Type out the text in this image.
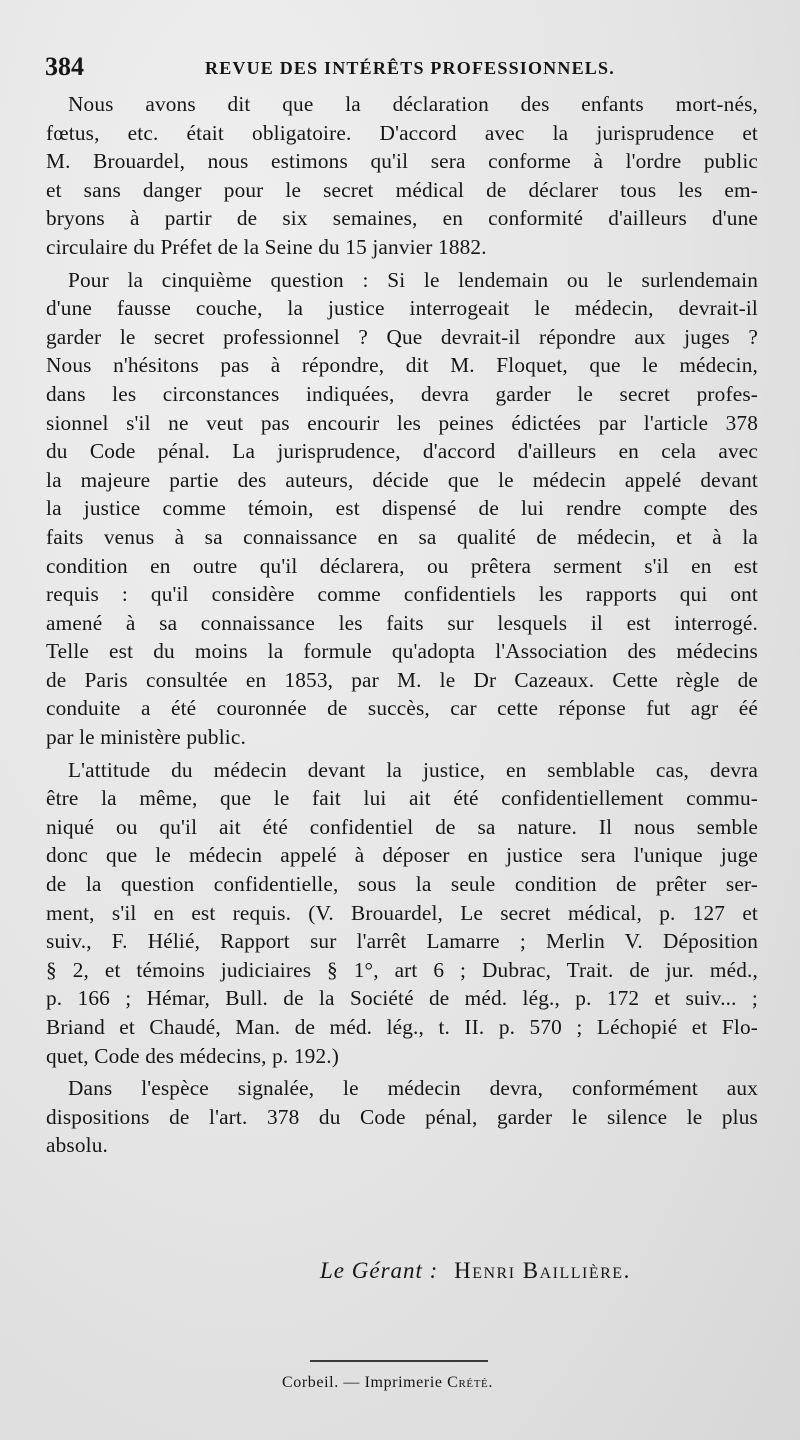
384	REVUE DES INTÉRÊTS PROFESSIONNELS.
Nous avons dit que la déclaration des enfants mort-nés,
fœtus, etc. était obligatoire. D'accord avec la jurisprudence et
M. Brouardel, nous estimons qu'il sera conforme à l'ordre public
et sans danger pour le secret médical de déclarer tous les em-
bryons à partir de six semaines, en conformité d'ailleurs d'une
circulaire du Préfet de la Seine du 15 janvier 1882.
Pour la cinquième question : Si le lendemain ou le surlendemain
d'une fausse couche, la justice interrogeait le médecin, devrait-il
garder le secret professionnel ? Que devrait-il répondre aux juges ?
Nous n'hésitons pas à répondre, dit M. Floquet, que le médecin,
dans les circonstances indiquées, devra garder le secret profes-
sionnel s'il ne veut pas encourir les peines édictées par l'article 378
du Code pénal. La jurisprudence, d'accord d'ailleurs en cela avec
la majeure partie des auteurs, décide que le médecin appelé devant
la justice comme témoin, est dispensé de lui rendre compte des
faits venus à sa connaissance en sa qualité de médecin, et à la
condition en outre qu'il déclarera, ou prêtera serment s'il en est
requis : qu'il considère comme confidentiels les rapports qui ont
amené à sa connaissance les faits sur lesquels il est interrogé.
Telle est du moins la formule qu'adopta l'Association des médecins
de Paris consultée en 1853, par M. le Dr Cazeaux. Cette règle de
conduite a été couronnée de succès, car cette réponse fut agr éé
par le ministère public.
L'attitude du médecin devant la justice, en semblable cas, devra
être la même, que le fait lui ait été confidentiellement commu-
niqué ou qu'il ait été confidentiel de sa nature. Il nous semble
donc que le médecin appelé à déposer en justice sera l'unique juge
de la question confidentielle, sous la seule condition de prêter ser-
ment, s'il en est requis. (V. Brouardel, Le secret médical, p. 127 et
suiv., F. Hélié, Rapport sur l'arrêt Lamarre ; Merlin V. Déposition
§ 2, et témoins judiciaires § 1°, art 6 ; Dubrac, Trait. de jur. méd.,
p. 166 ; Hémar, Bull. de la Société de méd. lég., p. 172 et suiv... ;
Briand et Chaudé, Man. de méd. lég., t. II. p. 570 ; Léchopié et Flo-
quet, Code des médecins, p. 192.)
Dans l'espèce signalée, le médecin devra, conformément aux
dispositions de l'art. 378 du Code pénal, garder le silence le plus
absolu.
Le Gérant : Henri Baillière.
Corbeil. — Imprimerie Crété.
